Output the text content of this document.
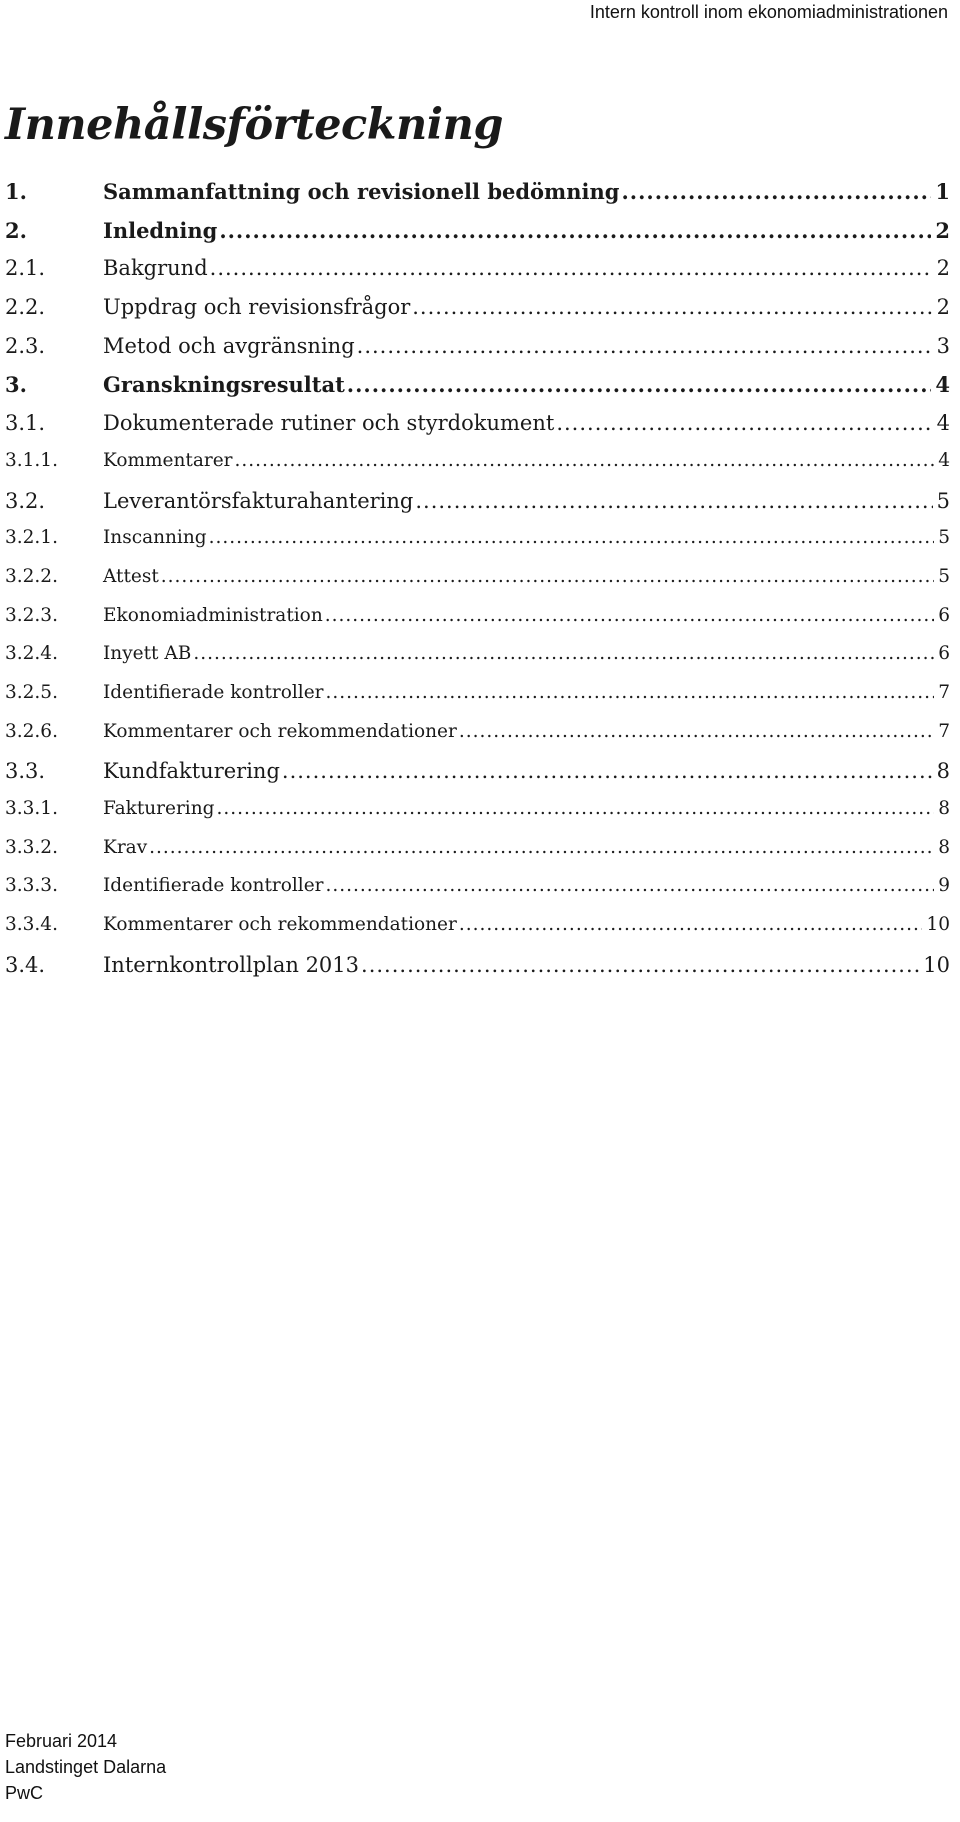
Intern kontroll inom ekonomiadministrationen
Innehållsförteckning
1.	Sammanfattning och revisionell bedömning .....	1
2.	Inledning .....	2
2.1.	Bakgrund .....	2
2.2.	Uppdrag och revisionsfrågor .....	2
2.3.	Metod och avgränsning .....	3
3.	Granskningsresultat .....	4
3.1.	Dokumenterade rutiner och styrdokument .....	4
3.1.1.	Kommentarer .....	4
3.2.	Leverantörsfakturahantering .....	5
3.2.1.	Inscanning .....	5
3.2.2.	Attest .....	5
3.2.3.	Ekonomiadministration .....	6
3.2.4.	Inyett AB .....	6
3.2.5.	Identifierade kontroller .....	7
3.2.6.	Kommentarer och rekommendationer .....	7
3.3.	Kundfakturering .....	8
3.3.1.	Fakturering .....	8
3.3.2.	Krav .....	8
3.3.3.	Identifierade kontroller .....	9
3.3.4.	Kommentarer och rekommendationer .....	10
3.4.	Internkontrollplan 2013 .....	10
Februari 2014
Landstinget Dalarna
PwC
